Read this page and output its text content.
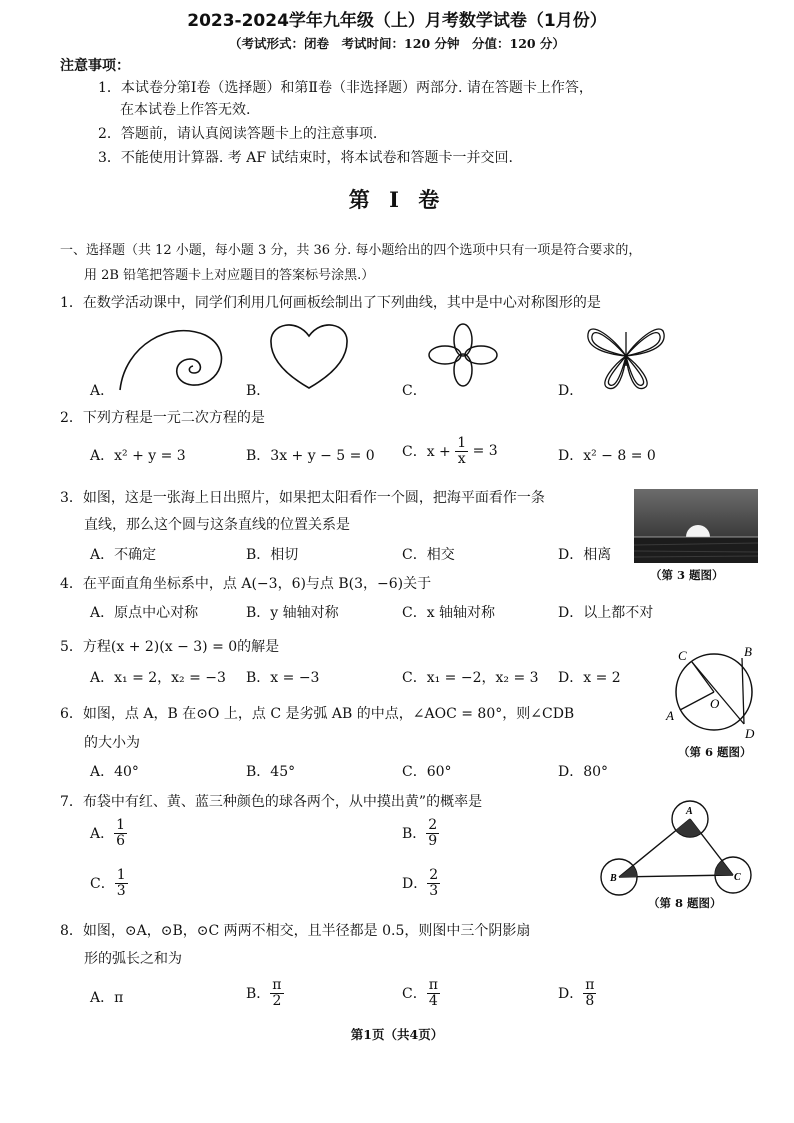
2023-2024学年九年级（上）月考数学试卷（1月份）
（考试形式：闭卷　考试时间：120 分钟　分值：120 分）
注意事项：
1．本试卷分第Ⅰ卷（选择题）和第Ⅱ卷（非选择题）两部分. 请在答题卡上作答，
在本试卷上作答无效.
2．答题前，请认真阅读答题卡上的注意事项.
3．不能使用计算器. 考 AF 试结束时，将本试卷和答题卡一并交回.
第 Ⅰ 卷
一、选择题（共 12 小题，每小题 3 分，共 36 分. 每小题给出的四个选项中只有一项是符合要求的，
用 2B 铅笔把答题卡上对应题目的答案标号涂黑.）
1．在数学活动课中，同学们利用几何画板绘制出了下列曲线，其中是中心对称图形的是
A．	B．	C．	D．
2．下列方程是一元二次方程的是
A．x² + y = 3	B．3x + y − 5 = 0 C．$x + \frac{1}{x} = 3$	D．x² − 8 = 0
3．如图，这是一张海上日出照片，如果把太阳看作一个圆，把海平面看作一条
直线，那么这个圆与这条直线的位置关系是
A．不确定	B．相切	C．相交	D．相离
（第 3 题图）
4．在平面直角坐标系中，点 A(−3，6)与点 B(3，−6)关于
A．原点中心对称	B．y 轴轴对称	C．x 轴轴对称	D．以上都不对
5．方程(x + 2)(x − 3) = 0的解是
A．x₁ = 2，x₂ = −3 B．x = −3	C．x₁ = −2，x₂ = 3 D．x = 2
6．如图，点 A，B 在⊙O 上，点 C 是劣弧 AB 的中点，∠AOC = 80°，则∠CDB
的大小为
A．40°	B．45°	C．60°	D．80°
C	B
O
A
D
（第 6 题图）
7．布袋中有红、黄、蓝三种颜色的球各两个，从中摸出黄”的概率是
A． $\frac{1}{6}$	B． $\frac{2}{9}$
C． $\frac{1}{3}$	D． $\frac{2}{3}$
A
B	C
（第 8 题图）
8．如图，⊙A，⊙B，⊙C 两两不相交，且半径都是 0.5，则图中三个阴影扇
形的弧长之和为
A．π	B． $\frac{\pi}{2}$	C． $\frac{\pi}{4}$	D． $\frac{\pi}{8}$
第1页（共4页）
